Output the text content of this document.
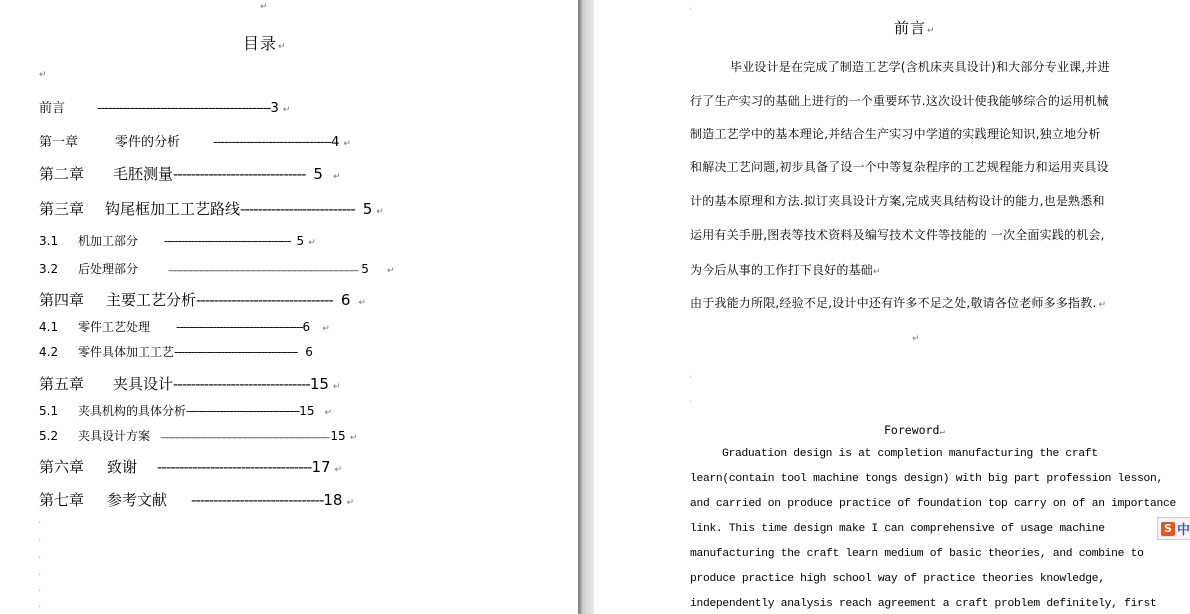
↵
目录↵
↵
前言 -----------------------------------------------3 ↵
第一章	零件的分析	--------------------------------4 ↵
第二章 毛胚测量------------------------------ 5 ↵
第三章 钩尾框加工工艺路线-------------------------- 5 ↵
3.1 机加工部分 -------------------------------------- 5 ↵
3.2 后处理部分	———————————————————————————————————— 5 ↵
第四章 主要工艺分析------------------------------- 6 ↵
4.1 零件工艺处理 --------------------------------------6 ↵
4.2 零件具体加工工艺------------------------------------- 6
第五章 夹具设计-------------------------------15 ↵
5.1 夹具机构的具体分析----------------------------------15 ↵
5.2 夹具设计方案 ———————————————————————————————— 15 ↵
第六章 致谢 -----------------------------------17 ↵
第七章 参考文献 ------------------------------18 ↵
'
'
'
'
'
'
'
前言↵
毕业设计是在完成了制造工艺学(含机床夹具设计)和大部分专业课,并进
行了生产实习的基础上进行的一个重要环节.这次设计使我能够综合的运用机械
制造工艺学中的基本理论,并结合生产实习中学道的实践理论知识,独立地分析
和解决工艺问题,初步具备了设一个中等复杂程序的工艺规程能力和运用夹具设
计的基本原理和方法.拟订夹具设计方案,完成夹具结构设计的能力,也是熟悉和
运用有关手册,图表等技术资料及编写技术文件等技能的 一次全面实践的机会,
为今后从事的工作打下良好的基础↵
由于我能力所限,经验不足,设计中还有许多不足之处,敬请各位老师多多指教. ↵
↵
'
'
Foreword↵
Graduation design is at completion manufacturing the craft
learn(contain tool machine tongs design) with big part profession lesson,
and carried on produce practice of foundation top carry on of an importance
link. This time design make I can comprehensive of usage machine
manufacturing the craft learn medium of basic theories, and combine to
produce practice high school way of practice theories knowledge,
independently analysis reach agreement a craft problem definitely, first
S 中
